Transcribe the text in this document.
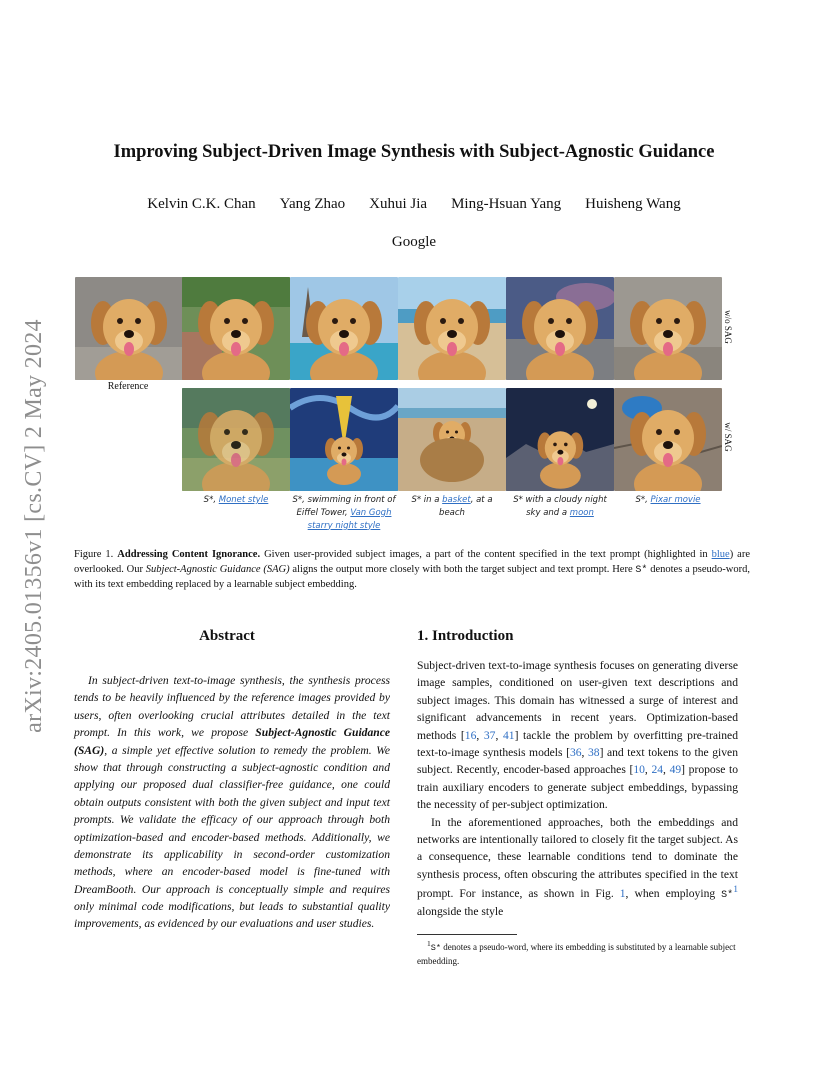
arXiv:2405.01356v1 [cs.CV] 2 May 2024
Improving Subject-Driven Image Synthesis with Subject-Agnostic Guidance
Kelvin C.K. Chan Yang Zhao Xuhui Jia Ming-Hsuan Yang Huisheng Wang
Google
Reference
w/o SAG
w/ SAG
S*, Monet style	S*, swimming in front of Eiffel Tower, Van Gogh starry night style
S* in a basket, at a beach
S* with a cloudy night sky and a moon
S*, Pixar movie
Figure 1. Addressing Content Ignorance. Given user-provided subject images, a part of the content specified in the text prompt (highlighted in blue) are overlooked. Our Subject-Agnostic Guidance (SAG) aligns the output more closely with both the target subject and text prompt. Here S* denotes a pseudo-word, with its text embedding replaced by a learnable subject embedding.
Abstract
In subject-driven text-to-image synthesis, the synthesis process tends to be heavily influenced by the reference images provided by users, often overlooking crucial attributes detailed in the text prompt. In this work, we propose Subject-Agnostic Guidance (SAG), a simple yet effective solution to remedy the problem. We show that through constructing a subject-agnostic condition and applying our proposed dual classifier-free guidance, one could obtain outputs consistent with both the given subject and input text prompts. We validate the efficacy of our approach through both optimization-based and encoder-based methods. Additionally, we demonstrate its applicability in second-order customization methods, where an encoder-based model is fine-tuned with DreamBooth. Our approach is conceptually simple and requires only minimal code modifications, but leads to substantial quality improvements, as evidenced by our evaluations and user studies.
1. Introduction

Subject-driven text-to-image synthesis focuses on generating diverse image samples, conditioned on user-given text descriptions and subject images. This domain has witnessed a surge of interest and significant advancements in recent years. Optimization-based methods [16, 37, 41] tackle the problem by overfitting pre-trained text-to-image synthesis models [36, 38] and text tokens to the given subject. Recently, encoder-based approaches [10, 24, 49] propose to train auxiliary encoders to generate subject embeddings, bypassing the necessity of per-subject optimization.

In the aforementioned approaches, both the embeddings and networks are intentionally tailored to closely fit the target subject. As a consequence, these learnable conditions tend to dominate the synthesis process, often obscuring the attributes specified in the text prompt. For instance, as shown in Fig. 1, when employing S*$^1$ alongside the style

$^1$S* denotes a pseudo-word, where its embedding is substituted by a learnable subject embedding.
